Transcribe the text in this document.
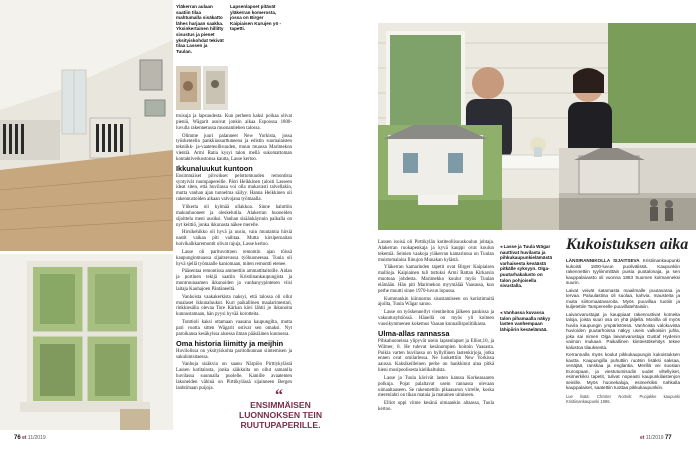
Yläkerran aulaan saatiin tilaa mahtumalla sisäkatto lähes harjaan saakka. Yksinkertainen hillitty sisustus ja pienet yksityiskohdat tekivät tilaa Lassen ja Tuulan.
Lapsenlapset pitävät yläkerran komerosta, jossa on Birger Kaipiaisen Kurujen yö -tapetti.

truisuja ja lapsuudesta. Kun perheen kaksi poikaa olivat pieniä, Wägarit asuivat jonkin aikaa Espoossa 1800-luvulla rakennetussa muonamiehen talossa.

Olimme juuri palanneet New Yorkista, jossa työskentelin pankkiassarttuneena ja edistin suomalaisten tekniikk- ja-vaateteollisuuden, muun muassa Marimekon vientiä. Armi Ratia kysyi talon mellä sukomattoman kontaktiverkostonsa kautta, Lasse kertoo.

Ikkunaluukut kuntoon

Ensimmäiset pilvoikset pelottomuuden remontista syntyivät ruutupapereille. Pätri Heikkinen (alosti Lasseen ideat siten, että huvilassa voi olla mukavasti talvellakin, mutta vanhan ajan tunnelma säilyy. Hanna Heikkinen oli rakennustoiden aikaan valvojana työmaalla.

Ylikerta oli kylmää ullakkoa. Sinne haluttiin makuuhuoneet ja oleskelutila. Alakerran huoneiden sijoittelu meni uusiksi. Vanhan sisäänkäynnin paikalla on nyt keittiö, jonka ikkunasta näkee merelle.

Hirsikehikko oli hyvä ja uusiu, vain muutamia hirsiä nastit vaikaa piti vaihtaa. Mutta kirsipernaitan hoivikalkkaremontit olivat rajuja, Lasse kertoo.

Lasse oli parituvottoen remontin ajan töissä kaupunginmuassa sijaitsevassa työhuoneesaa. Tuula oli hyvä sjellä työmaalle kaniomaan, miten remontti etenee.

Pääsentaa remontissa ammettiin ammattitaitoille. Aidan ja portinen tekijä saatiin Kristiinankaupungista ja montruunaamen ikkunoiden ja vanhanyypintesen viisi laitaja Kauhajoen Päntäneeltä.

Vanhoista vaakakerkista naksyi, että talossa oli ollut mualaset ikkunaluukut. Kuri paikallinen maalarimestari, rinkkiesälla olevaa Tore Kärkan kävi lähtii jo ikkunoita kunnostamaan, hän pyysi hyvää korotteita.

Tonttioli kaksi ottamaan vaasana kaupungilta, mutta pari vuotta sitten Wägarit ostivat sen omaksi. Nyt paroikansa kesäkylssa aluessa ilman pääsiäinen kunnossa.

Oma historia liimitty ja meijhin

Huvilolissa on yksityiskohta paritolkunnan siintemisen ja sakuhintsitaessa.

Vanhoja sisäkvia on saanu Närpiön Pirttiykylästä Lassen kotitalosta, jonka säikkulta on ollut samanlla huvilassa suunnalla puolelle. Kamille avaatemen lakuneiden vähinä on Pirttikylässä sijainneen Bergen lanhtimaan puijoja.	“
ENSIMMÄISEN LUONNOKSEN TEIN RUUTUPAPERILLE.

Lassen isoisä oli Pirttikylän kotiteollisuuskoulun johtaja. Alakerran ruokapenkaja ja kyvä kauppi ovat koulun tekemiä. Seinien vaakoja yläkerran kamarinssa on Tuulan muistomalaisa fiinujon Munakan kylästä.

Yläkerran kamarinden tapetit ovat Birger Kaipiaisen mallioja. Kaipiainen tuli tuttuksi Armi Rattan Kirkarsin muotoaa johdesta. Marimekko koulut myös Tuulan elämään. Hän piti Marimekon myymälää Vaasassa, kun perhe muutti sinne 1970-luvun lopussa.

Kummankin kiinnostus sisustamiseen on koristimuitä ajoilta, Tuula Wägar sanoo.

Lasse on työskennellyt vientiteiton jälkeen pankissa ja vakuutusyhtiössä. Hänellä on myös yli kolmen vuosikymmenen kokemus Vaasan kunnallispolitiikasta.

Ulma-allas rannassa

Pihkahuoneissa ylipyvät usein lapsenlapset ja Elliot,10, ja Wilmer, 8. He tulevat kesänompien hoitoin Vaasasta. Poikia varten huvilassa on hyllyllinen lastenkirjoja, jotka ennen ovat omilarlessa. Ne luoketttiin New Yorkissa aaussa. Kaksikeilleinen perhe on hankkinut aina pitkä hieni mosipoolisesta kielikaltulsta.

Lasse ja Tuula kävivät lasten kanssa Korkeasaaren polkuja. Pojat palaltavat usein rannassa olevaan uimaaltaaseen. Se rakennettiin pikaasarun virrelle, koska merenlahti on tikan mataia ja matainen uimiseen.

Elliot oppi viime kesänä uimaankin altaassa, Tuula kertoo.

◂ Lasse ja Tuula Wägar nauttivat huvilasta ja pihkukaupunkielämästä varhaisesta keväästä pitkälle syksyyn. Olga-puutarhakalusto on talon pohjoisella sivustalla.
◂ Vanhassa kuvassa talon pihamaalla näkyy lasten vanhempaan lähipiirin kesäelämää.
Kukoistuksen aika

LÄNSIRANNIKOLLA SIJAITSEVA Kristiinankaupunki kukoisti 1800-luvun puolivälissä. Kaupunkiin rakennettiin tyyliimmittäin puisia puotalonaja, ja sen kauppalaivasto oli vuonna 1863 Suomen kolmanneksi suurin.

Laivat veivät satamasta maailmalle puutavaraa ja tervaa. Paluulastina oli suolaa, kahvia, mausteita ja muita siirtomaatavaroita. Myös puuvillaa tuotiin ja kuljetettiin Tampereelle puuvillatehtaisiin.

Laivanvarustajat ja kauppiaat rakennuttivat komeita taloja, joista suuri osa on yhä jäljellä. Monilla oli myös huvila kaupungin ympäristössä. Vanhoista valokuvista huvioiden puutarhoissa näkyy usein valkoisiin juhla, joka sai nimen Olga laivanvarustaja Gustaf Hydenin vaimon mukaan. Paikallinen kiinteistökehitys tekee kalustoa tilauksesta.

Kerrannalla myös koulut pikkukaupungin kukoistuksen kautta. Kaupungilla puhuttiin ruotsin lisäksi saksaa, venäjää, ranskaa ja englantia. Merillä vei suosian Euroopaan, ja viestutumisodin uudet viltellyiset, esimerkiksi tapetit, tulivat nopeasti kaupunkilaistenjon seinille. Myös huonekaluja, esimerkiksi nahkalla kauppalaiset, saatettiin tuottaa pikkukaupunkiin.

Lue lisää: Christer Nortvik: Puojakke kaupunki Kristiinankaupunki 1996.

76 et 11/2019	et 11/2019 77
